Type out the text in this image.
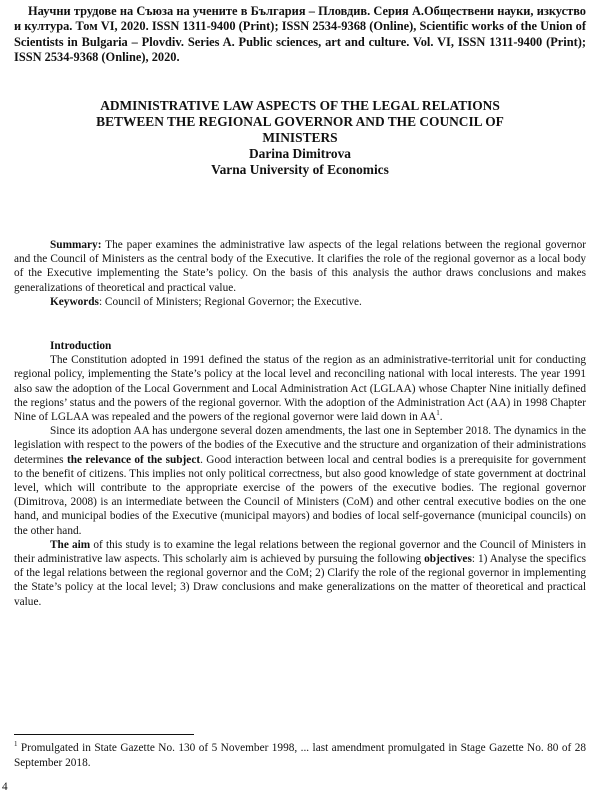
Научни трудове на Съюза на учените в България – Пловдив. Серия А.Обществени науки, изкуство и култура. Том VI, 2020. ISSN 1311-9400 (Print); ISSN 2534-9368 (Online), Scientific works of the Union of Scientists in Bulgaria – Plovdiv. Series A. Public sciences, art and culture. Vol. VI, ISSN 1311-9400 (Print); ISSN 2534-9368 (Online), 2020.
ADMINISTRATIVE LAW ASPECTS OF THE LEGAL RELATIONS
BETWEEN THE REGIONAL GOVERNOR AND THE COUNCIL OF
MINISTERS
Darina Dimitrova
Varna University of Economics

Summary: The paper examines the administrative law aspects of the legal relations between the regional governor and the Council of Ministers as the central body of the Executive. It clarifies the role of the regional governor as a local body of the Executive implementing the State’s policy. On the basis of this analysis the author draws conclusions and makes generalizations of theoretical and practical value.

Keywords: Council of Ministers; Regional Governor; the Executive.

Introduction

The Constitution adopted in 1991 defined the status of the region as an administrative-territorial unit for conducting regional policy, implementing the State’s policy at the local level and reconciling national with local interests. The year 1991 also saw the adoption of the Local Government and Local Administration Act (LGLAA) whose Chapter Nine initially defined the regions’ status and the powers of the regional governor. With the adoption of the Administration Act (AA) in 1998 Chapter Nine of LGLAA was repealed and the powers of the regional governor were laid down in $AA^1$.

Since its adoption AA has undergone several dozen amendments, the last one in September 2018. The dynamics in the legislation with respect to the powers of the bodies of the Executive and the structure and organization of their administrations determines the relevance of the subject. Good interaction between local and central bodies is a prerequisite for government to the benefit of citizens. This implies not only political correctness, but also good knowledge of state government at doctrinal level, which will contribute to the appropriate exercise of the powers of the executive bodies. The regional governor (Dimitrova, 2008) is an intermediate between the Council of Ministers (CoM) and other central executive bodies on the one hand, and municipal bodies of the Executive (municipal mayors) and bodies of local self-governance (municipal councils) on the other hand.

The aim of this study is to examine the legal relations between the regional governor and the Council of Ministers in their administrative law aspects. This scholarly aim is achieved by pursuing the following objectives: 1) Analyse the specifics of the legal relations between the regional governor and the CoM; 2) Clarify the role of the regional governor in implementing the State’s policy at the local level; 3) Draw conclusions and make generalizations on the matter of theoretical and practical value.

$^1$ Promulgated in State Gazette No. 130 of 5 November 1998, ... last amendment promulgated in Stage Gazette No. 80 of 28 September 2018.
4
